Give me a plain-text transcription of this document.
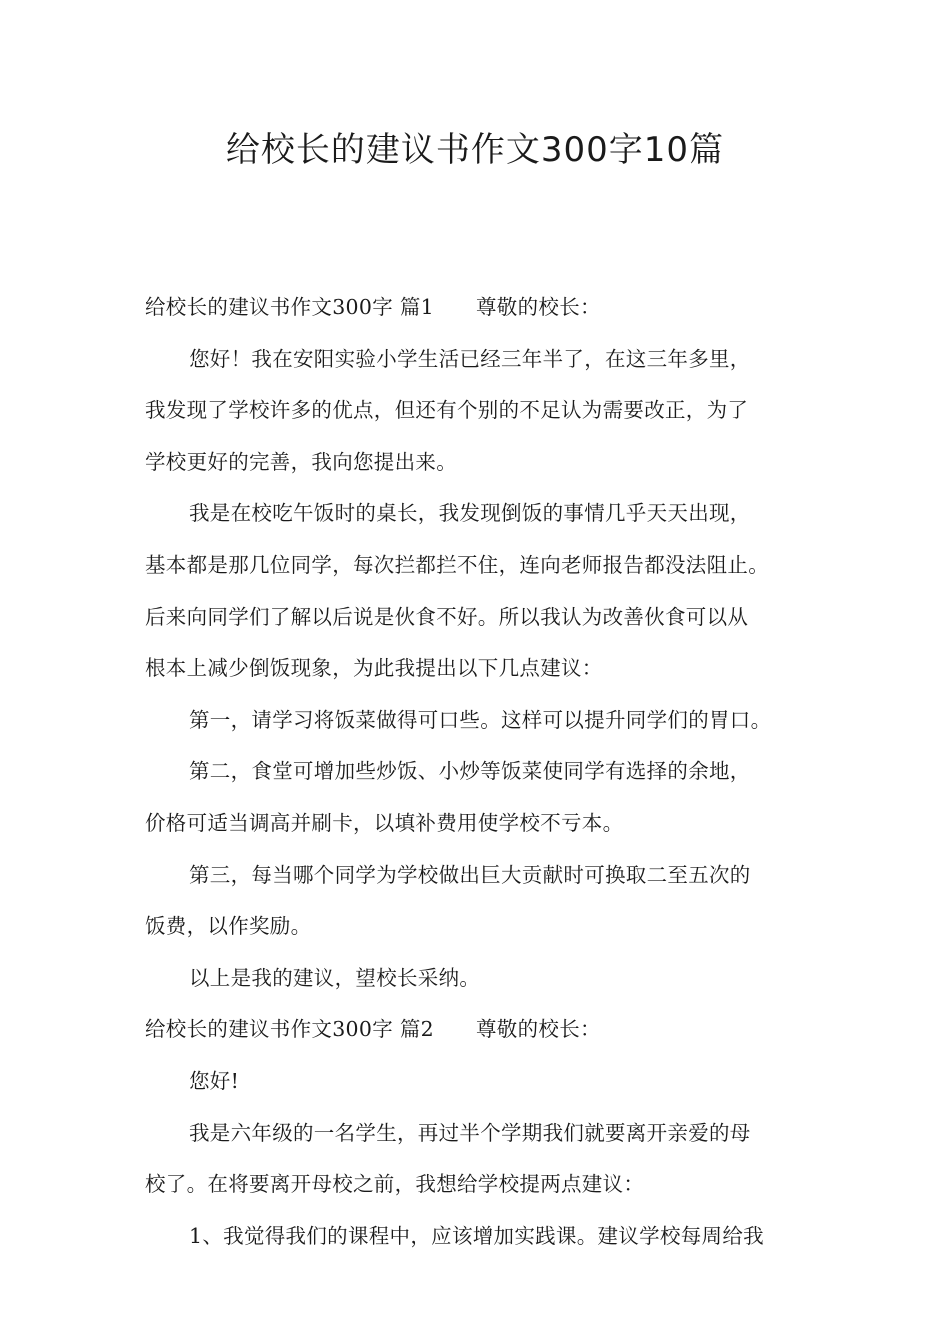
给校长的建议书作文300字10篇
给校长的建议书作文300字 篇1 尊敬的校长：
您好！我在安阳实验小学生活已经三年半了，在这三年多里，
我发现了学校许多的优点，但还有个别的不足认为需要改正，为了
学校更好的完善，我向您提出来。
我是在校吃午饭时的桌长，我发现倒饭的事情几乎天天出现，
基本都是那几位同学，每次拦都拦不住，连向老师报告都没法阻止。
后来向同学们了解以后说是伙食不好。所以我认为改善伙食可以从
根本上减少倒饭现象，为此我提出以下几点建议：
第一，请学习将饭菜做得可口些。这样可以提升同学们的胃口。
第二，食堂可增加些炒饭、小炒等饭菜使同学有选择的余地，
价格可适当调高并刷卡，以填补费用使学校不亏本。
第三，每当哪个同学为学校做出巨大贡献时可换取二至五次的
饭费，以作奖励。
以上是我的建议，望校长采纳。
给校长的建议书作文300字 篇2 尊敬的校长：
您好!
我是六年级的一名学生，再过半个学期我们就要离开亲爱的母
校了。在将要离开母校之前，我想给学校提两点建议：
1、我觉得我们的课程中，应该增加实践课。建议学校每周给我
